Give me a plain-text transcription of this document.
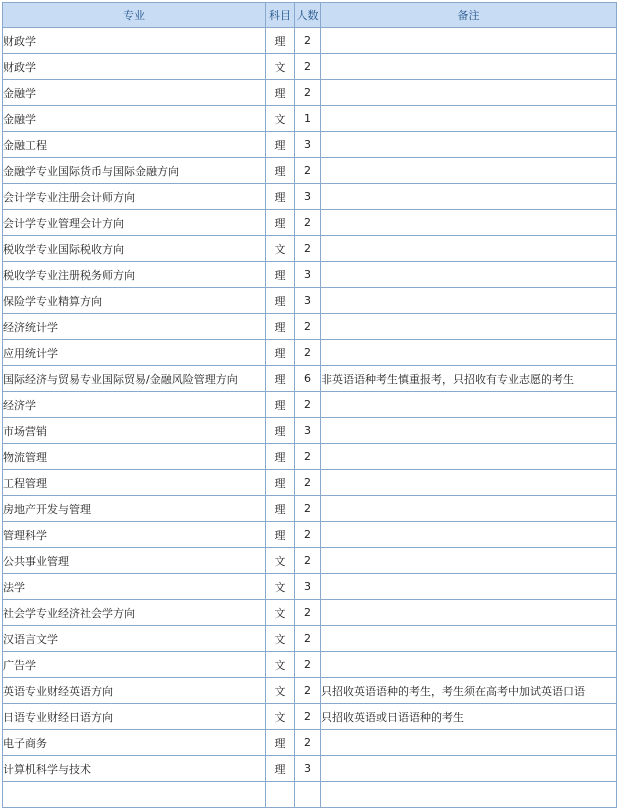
专业	科目	人数	备注
财政学	理	2	
财政学	文	2	
金融学	理	2	
金融学	文	1	
金融工程	理	3	
金融学专业国际货币与国际金融方向	理	2	
会计学专业注册会计师方向	理	3	
会计学专业管理会计方向	理	2	
税收学专业国际税收方向	文	2	
税收学专业注册税务师方向	理	3	
保险学专业精算方向	理	3	
经济统计学	理	2	
应用统计学	理	2	
国际经济与贸易专业国际贸易/金融风险管理方向	理	6	非英语语种考生慎重报考，只招收有专业志愿的考生
经济学	理	2	
市场营销	理	3	
物流管理	理	2	
工程管理	理	2	
房地产开发与管理	理	2	
管理科学	理	2	
公共事业管理	文	2	
法学	文	3	
社会学专业经济社会学方向	文	2	
汉语言文学	文	2	
广告学	文	2	
英语专业财经英语方向	文	2	只招收英语语种的考生，考生须在高考中加试英语口语
日语专业财经日语方向	文	2	只招收英语或日语语种的考生
电子商务	理	2	
计算机科学与技术	理	3	
